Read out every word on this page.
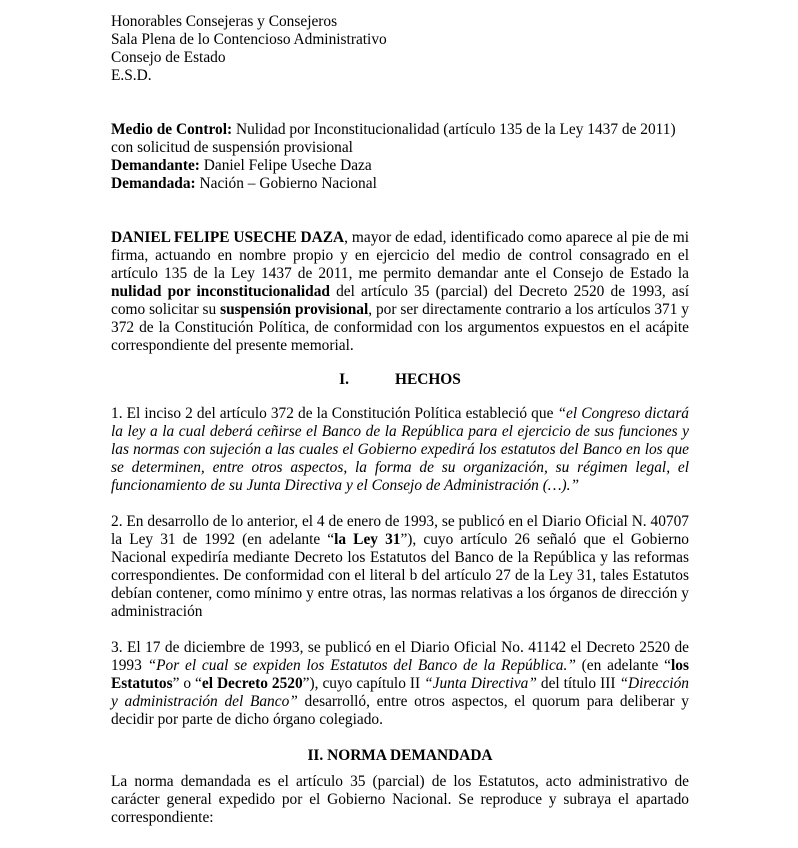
Honorables Consejeras y Consejeros
Sala Plena de lo Contencioso Administrativo
Consejo de Estado
E.S.D.

Medio de Control: Nulidad por Inconstitucionalidad (artículo 135 de la Ley 1437 de 2011) con solicitud de suspensión provisional

Demandante: Daniel Felipe Useche Daza

Demandada: Nación – Gobierno Nacional

DANIEL FELIPE USECHE DAZA, mayor de edad, identificado como aparece al pie de mi firma, actuando en nombre propio y en ejercicio del medio de control consagrado en el artículo 135 de la Ley 1437 de 2011, me permito demandar ante el Consejo de Estado la nulidad por inconstitucionalidad del artículo 35 (parcial) del Decreto 2520 de 1993, así como solicitar su suspensión provisional, por ser directamente contrario a los artículos 371 y 372 de la Constitución Política, de conformidad con los argumentos expuestos en el acápite correspondiente del presente memorial.

I.	HECHOS

1. El inciso 2 del artículo 372 de la Constitución Política estableció que “el Congreso dictará la ley a la cual deberá ceñirse el Banco de la República para el ejercicio de sus funciones y las normas con sujeción a las cuales el Gobierno expedirá los estatutos del Banco en los que se determinen, entre otros aspectos, la forma de su organización, su régimen legal, el funcionamiento de su Junta Directiva y el Consejo de Administración (…).”

2. En desarrollo de lo anterior, el 4 de enero de 1993, se publicó en el Diario Oficial N. 40707 la Ley 31 de 1992 (en adelante “la Ley 31”), cuyo artículo 26 señaló que el Gobierno Nacional expediría mediante Decreto los Estatutos del Banco de la República y las reformas correspondientes. De conformidad con el literal b del artículo 27 de la Ley 31, tales Estatutos debían contener, como mínimo y entre otras, las normas relativas a los órganos de dirección y administración

3. El 17 de diciembre de 1993, se publicó en el Diario Oficial No. 41142 el Decreto 2520 de 1993 “Por el cual se expiden los Estatutos del Banco de la República.” (en adelante “los Estatutos” o “el Decreto 2520”), cuyo capítulo II “Junta Directiva” del título III “Dirección y administración del Banco” desarrolló, entre otros aspectos, el quorum para deliberar y decidir por parte de dicho órgano colegiado.

II. NORMA DEMANDADA

La norma demandada es el artículo 35 (parcial) de los Estatutos, acto administrativo de carácter general expedido por el Gobierno Nacional. Se reproduce y subraya el apartado correspondiente:
